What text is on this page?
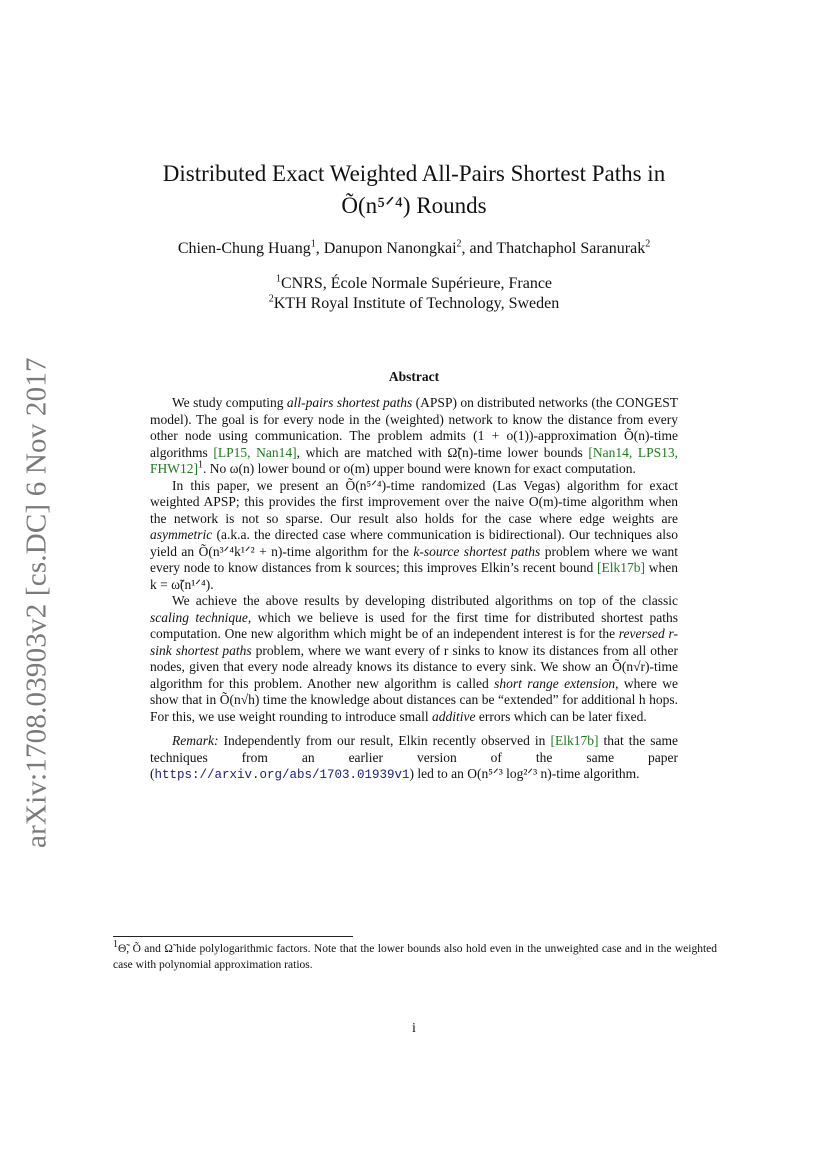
arXiv:1708.03903v2 [cs.DC] 6 Nov 2017
Distributed Exact Weighted All-Pairs Shortest Paths in
Õ(n⁵ᐟ⁴) Rounds
Chien-Chung Huang$^1$, Danupon Nanongkai$^2$, and Thatchaphol Saranurak$^2$
$^1$CNRS, École Normale Supérieure, France
$^2$KTH Royal Institute of Technology, Sweden
Abstract

We study computing all-pairs shortest paths (APSP) on distributed networks (the CONGEST model). The goal is for every node in the (weighted) network to know the distance from every other node using communication. The problem admits (1 + o(1))-approximation Õ(n)-time algorithms [LP15, Nan14], which are matched with Ω̃(n)-time lower bounds [Nan14, LPS13, FHW12]$^1$. No ω(n) lower bound or o(m) upper bound were known for exact computation.

In this paper, we present an Õ(n⁵ᐟ⁴)-time randomized (Las Vegas) algorithm for exact weighted APSP; this provides the first improvement over the naive O(m)-time algorithm when the network is not so sparse. Our result also holds for the case where edge weights are asymmetric (a.k.a. the directed case where communication is bidirectional). Our techniques also yield an Õ(n³ᐟ⁴k¹ᐟ² + n)-time algorithm for the k-source shortest paths problem where we want every node to know distances from k sources; this improves Elkin’s recent bound [Elk17b] when k = ω̃(n¹ᐟ⁴).

We achieve the above results by developing distributed algorithms on top of the classic scaling technique, which we believe is used for the first time for distributed shortest paths computation. One new algorithm which might be of an independent interest is for the reversed r-sink shortest paths problem, where we want every of r sinks to know its distances from all other nodes, given that every node already knows its distance to every sink. We show an Õ(n√r)-time algorithm for this problem. Another new algorithm is called short range extension, where we show that in Õ(n√h) time the knowledge about distances can be “extended” for additional h hops. For this, we use weight rounding to introduce small additive errors which can be later fixed.

Remark: Independently from our result, Elkin recently observed in [Elk17b] that the same techniques from an earlier version of the same paper (https://arxiv.org/abs/1703.01939v1) led to an O(n⁵ᐟ³ log²ᐟ³ n)-time algorithm.

$^1$Θ̃, Õ and Ω̃ hide polylogarithmic factors. Note that the lower bounds also hold even in the unweighted case and in the weighted case with polynomial approximation ratios.
i
